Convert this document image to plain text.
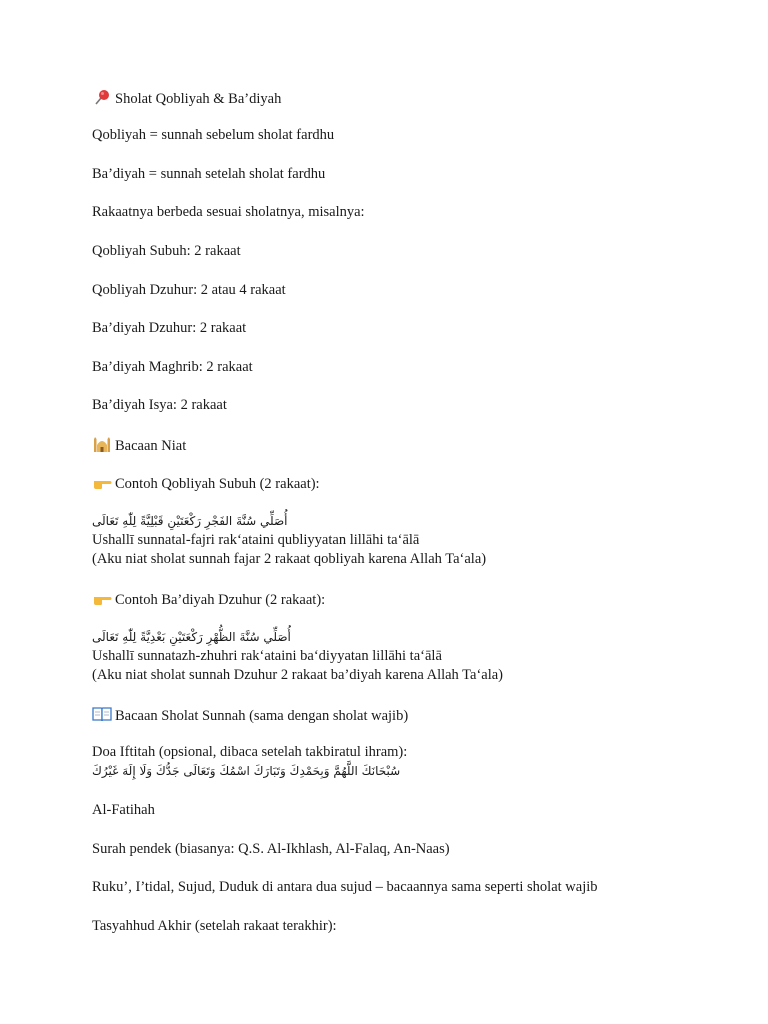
Sholat Qobliyah & Ba’diyah
Qobliyah = sunnah sebelum sholat fardhu
Ba’diyah = sunnah setelah sholat fardhu
Rakaatnya berbeda sesuai sholatnya, misalnya:
Qobliyah Subuh: 2 rakaat
Qobliyah Dzuhur: 2 atau 4 rakaat
Ba’diyah Dzuhur: 2 rakaat
Ba’diyah Maghrib: 2 rakaat
Ba’diyah Isya: 2 rakaat
Bacaan Niat
Contoh Qobliyah Subuh (2 rakaat):
أُصَلِّي سُنَّةَ الفَجْرِ رَكْعَتَيْنِ قَبْلِيَّةً لِلّٰهِ تَعَالَى
Ushallī sunnatal-fajri rak‘ataini qubliyyatan lillāhi ta‘ālā
(Aku niat sholat sunnah fajar 2 rakaat qobliyah karena Allah Ta‘ala)
Contoh Ba’diyah Dzuhur (2 rakaat):
أُصَلِّي سُنَّةَ الظُّهْرِ رَكْعَتَيْنِ بَعْدِيَّةً لِلّٰهِ تَعَالَى
Ushallī sunnatazh-zhuhri rak‘ataini ba‘diyyatan lillāhi ta‘ālā
(Aku niat sholat sunnah Dzuhur 2 rakaat ba’diyah karena Allah Ta‘ala)
Bacaan Sholat Sunnah (sama dengan sholat wajib)
Doa Iftitah (opsional, dibaca setelah takbiratul ihram):
سُبْحَانَكَ اللَّهُمَّ وَبِحَمْدِكَ وَتَبَارَكَ اسْمُكَ وَتَعَالَى جَدُّكَ وَلَا إِلَهَ غَيْرُكَ
Al-Fatihah
Surah pendek (biasanya: Q.S. Al-Ikhlash, Al-Falaq, An-Naas)
Ruku’, I’tidal, Sujud, Duduk di antara dua sujud – bacaannya sama seperti sholat wajib
Tasyahhud Akhir (setelah rakaat terakhir):
